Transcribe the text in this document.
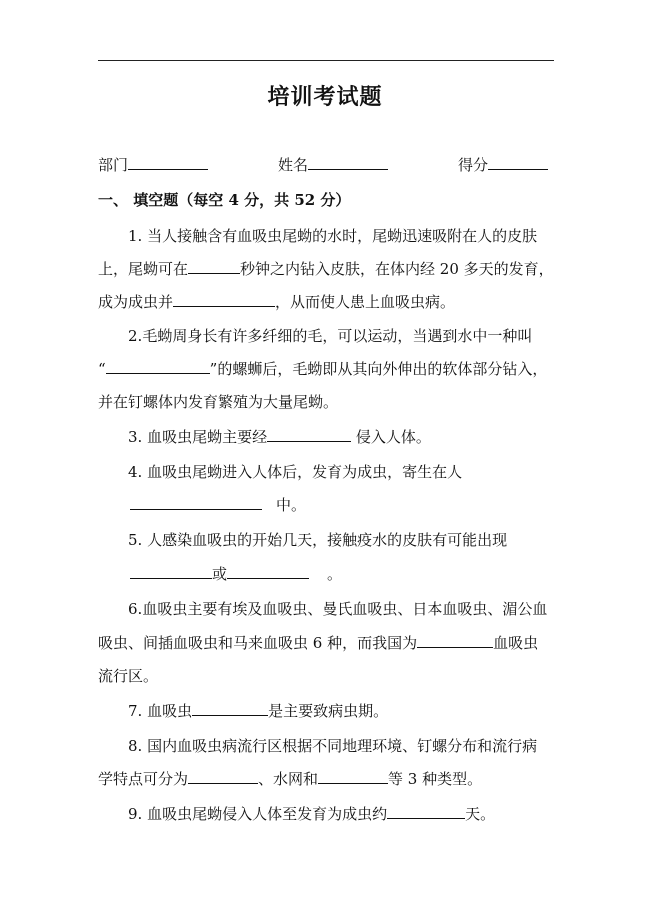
培训考试题
部门	姓名	得分
一、 填空题（每空 4 分，共 52 分）
1. 当人接触含有血吸虫尾蚴的水时，尾蚴迅速吸附在人的皮肤
上，尾蚴可在	秒钟之内钻入皮肤，在体内经 20 多天的发育，
成为成虫并	，从而使人患上血吸虫病。
2.毛蚴周身长有许多纤细的毛，可以运动，当遇到水中一种叫
“	”的螺蛳后，毛蚴即从其向外伸出的软体部分钻入，
并在钉螺体内发育繁殖为大量尾蚴。
3. 血吸虫尾蚴主要经	侵入人体。
4. 血吸虫尾蚴进入人体后，发育为成虫，寄生在人
中。
5. 人感染血吸虫的开始几天，接触疫水的皮肤有可能出现
或	。
6.血吸虫主要有埃及血吸虫、曼氏血吸虫、日本血吸虫、湄公血
吸虫、间插血吸虫和马来血吸虫 6 种，而我国为	血吸虫
流行区。
7. 血吸虫	是主要致病虫期。
8. 国内血吸虫病流行区根据不同地理环境、钉螺分布和流行病
学特点可分为	、水网和	等 3 种类型。
9. 血吸虫尾蚴侵入人体至发育为成虫约	天。
